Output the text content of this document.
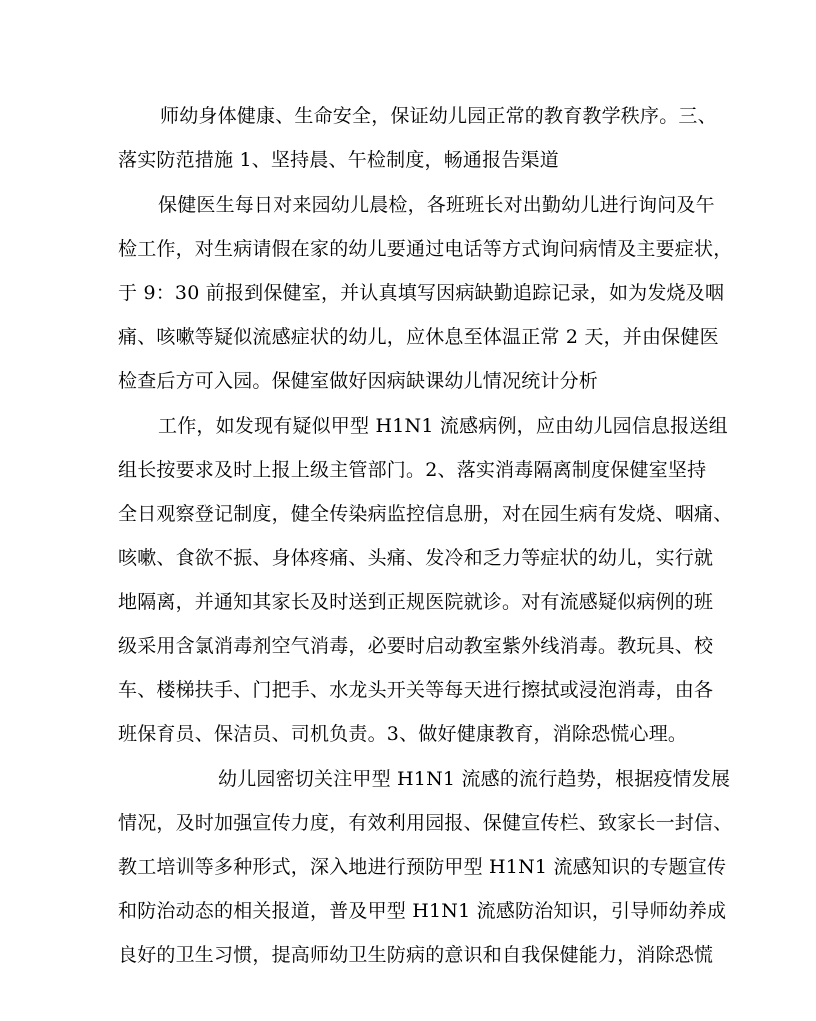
师幼身体健康、生命安全，保证幼儿园正常的教育教学秩序。三、
落实防范措施 1、坚持晨、午检制度，畅通报告渠道
保健医生每日对来园幼儿晨检，各班班长对出勤幼儿进行询问及午
检工作，对生病请假在家的幼儿要通过电话等方式询问病情及主要症状，
于 9：30 前报到保健室，并认真填写因病缺勤追踪记录，如为发烧及咽
痛、咳嗽等疑似流感症状的幼儿，应休息至体温正常 2 天，并由保健医
检查后方可入园。保健室做好因病缺课幼儿情况统计分析
工作，如发现有疑似甲型 H1N1 流感病例，应由幼儿园信息报送组
组长按要求及时上报上级主管部门。2、落实消毒隔离制度保健室坚持
全日观察登记制度，健全传染病监控信息册，对在园生病有发烧、咽痛、
咳嗽、食欲不振、身体疼痛、头痛、发冷和乏力等症状的幼儿，实行就
地隔离，并通知其家长及时送到正规医院就诊。对有流感疑似病例的班
级采用含氯消毒剂空气消毒，必要时启动教室紫外线消毒。教玩具、校
车、楼梯扶手、门把手、水龙头开关等每天进行擦拭或浸泡消毒，由各
班保育员、保洁员、司机负责。3、做好健康教育，消除恐慌心理。
幼儿园密切关注甲型 H1N1 流感的流行趋势，根据疫情发展
情况，及时加强宣传力度，有效利用园报、保健宣传栏、致家长一封信、
教工培训等多种形式，深入地进行预防甲型 H1N1 流感知识的专题宣传
和防治动态的相关报道，普及甲型 H1N1 流感防治知识，引导师幼养成
良好的卫生习惯，提高师幼卫生防病的意识和自我保健能力，消除恐慌
